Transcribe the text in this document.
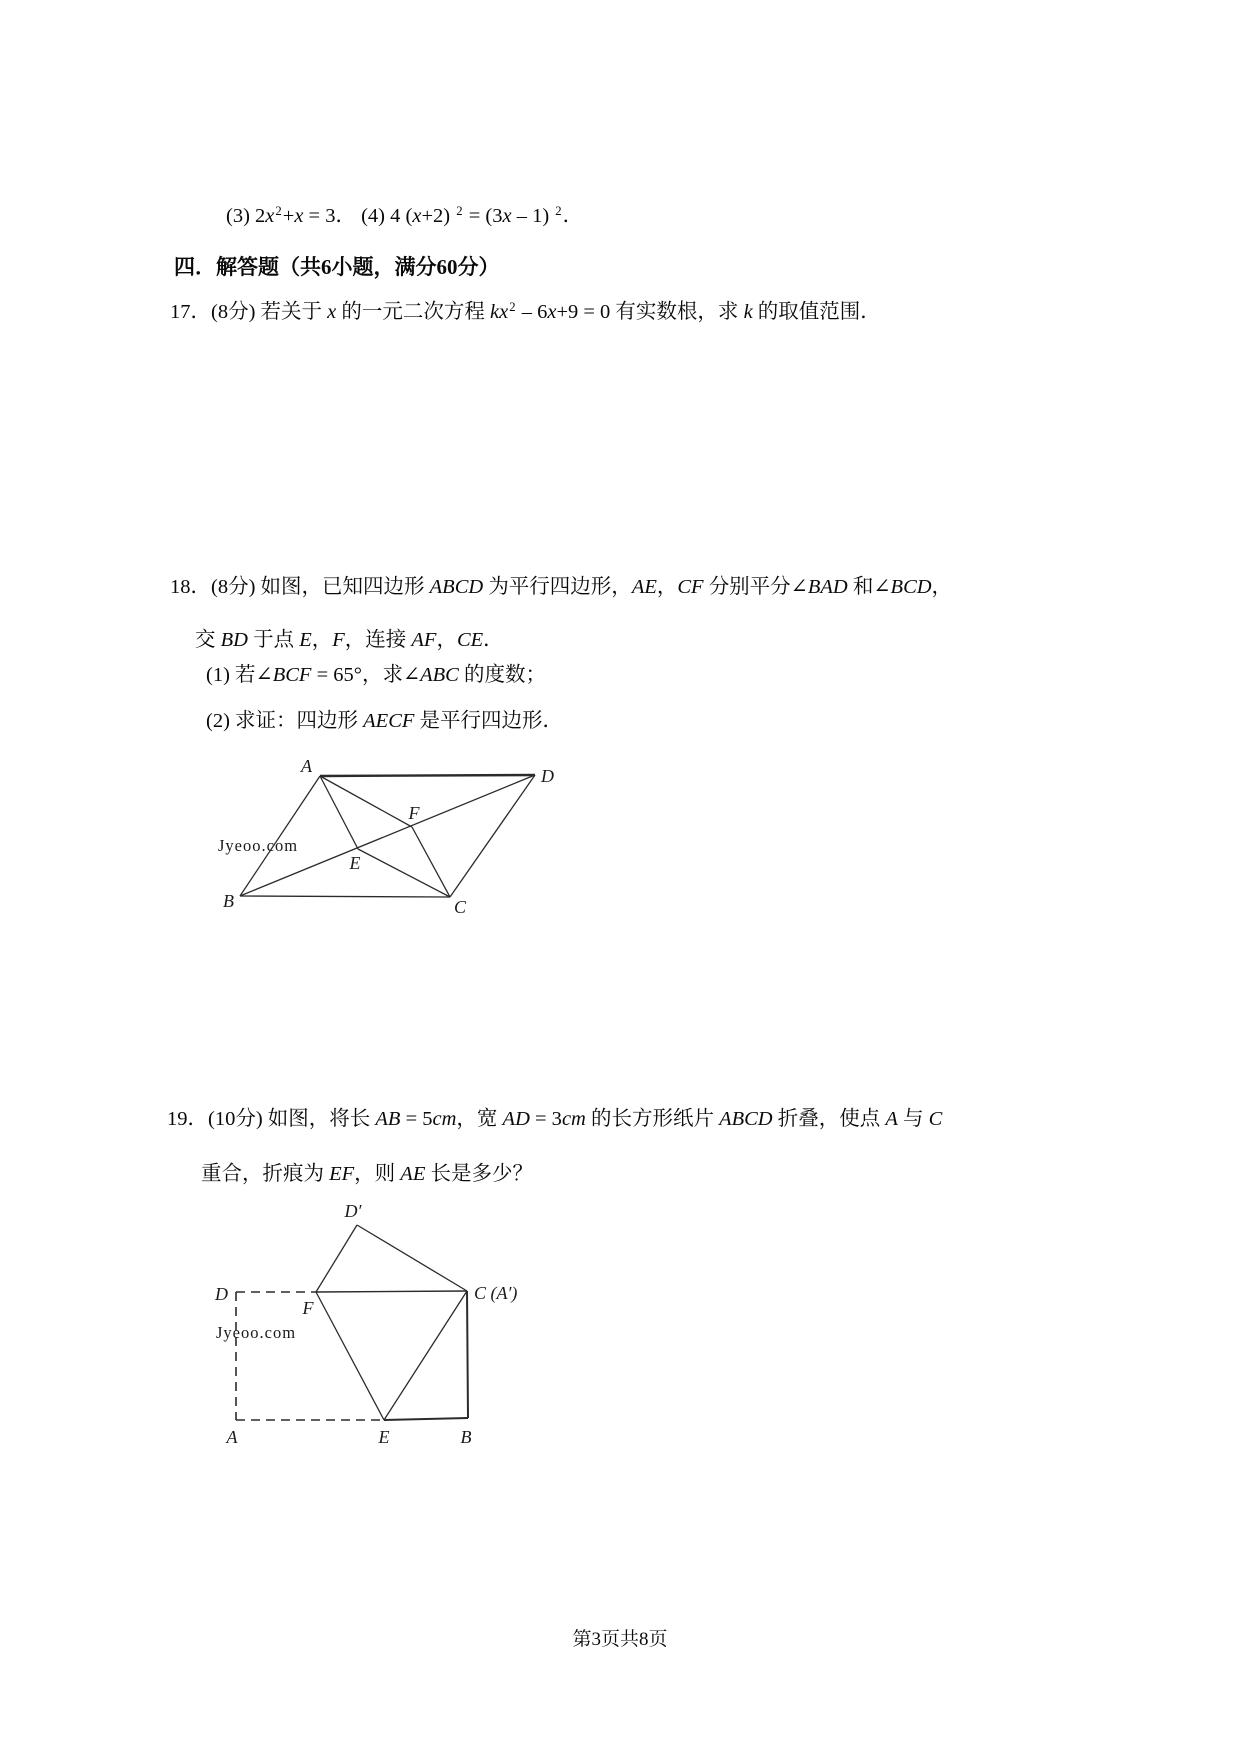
(3) $2x^2+x = 3$． (4) 4 (x+2) $^2$ = (3x – 1) $^2$．
四．解答题（共6小题，满分60分）
17．(8分) 若关于 x 的一元二次方程 $kx^2 - 6x+9 = 0$ 有实数根，求 k 的取值范围．
18．(8分) 如图，已知四边形 ABCD 为平行四边形，AE，CF 分别平分∠BAD 和∠BCD，
交 BD 于点 E，F，连接 AF，CE．
(1) 若∠BCF = 65°，求∠ABC 的度数；
(2) 求证：四边形 AECF 是平行四边形．
Jyeoo.com
A	D
B	C
E
F
19．(10分) 如图，将长 AB = 5cm，宽 AD = 3cm 的长方形纸片 ABCD 折叠，使点 A 与 C
重合，折痕为 EF，则 AE 长是多少？
Jyeoo.com
D′
D
F
C (A′)
A	E	B
第3页共8页
